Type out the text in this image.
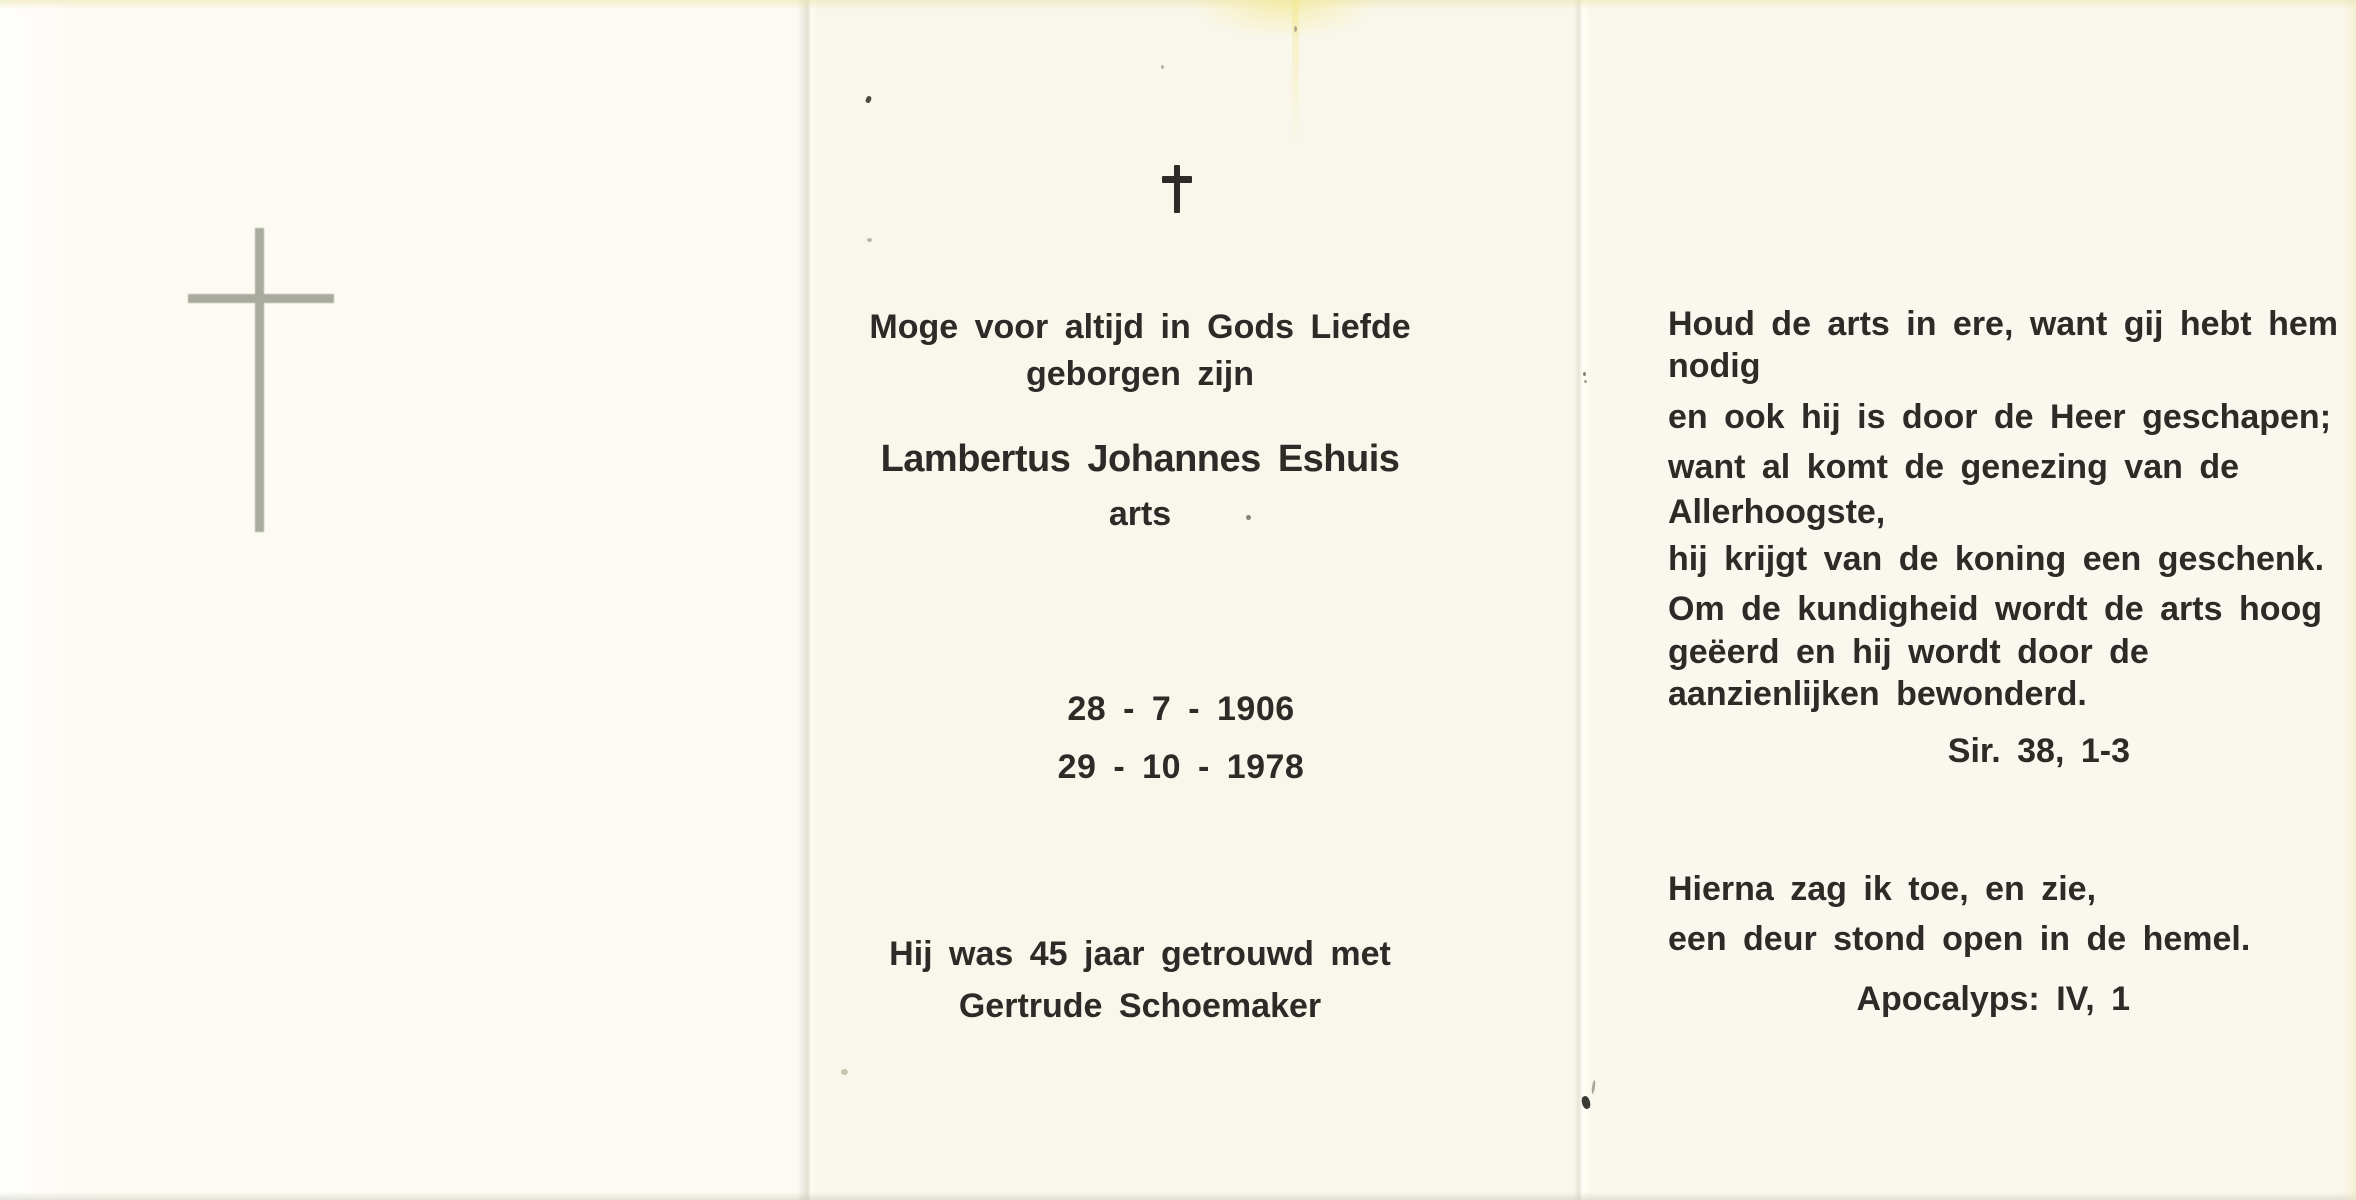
Moge voor altijd in Gods Liefde
geborgen zijn
Lambertus Johannes Eshuis
arts
28 - 7 - 1906
29 - 10 - 1978
Hij was 45 jaar getrouwd met
Gertrude Schoemaker
Houd de arts in ere, want gij hebt hem
nodig
en ook hij is door de Heer geschapen;
want al komt de genezing van de
Allerhoogste,
hij krijgt van de koning een geschenk.
Om de kundigheid wordt de arts hoog
geëerd en hij wordt door de
aanzienlijken bewonderd.
Sir. 38, 1-3
Hierna zag ik toe, en zie,
een deur stond open in de hemel.
Apocalyps: IV, 1
